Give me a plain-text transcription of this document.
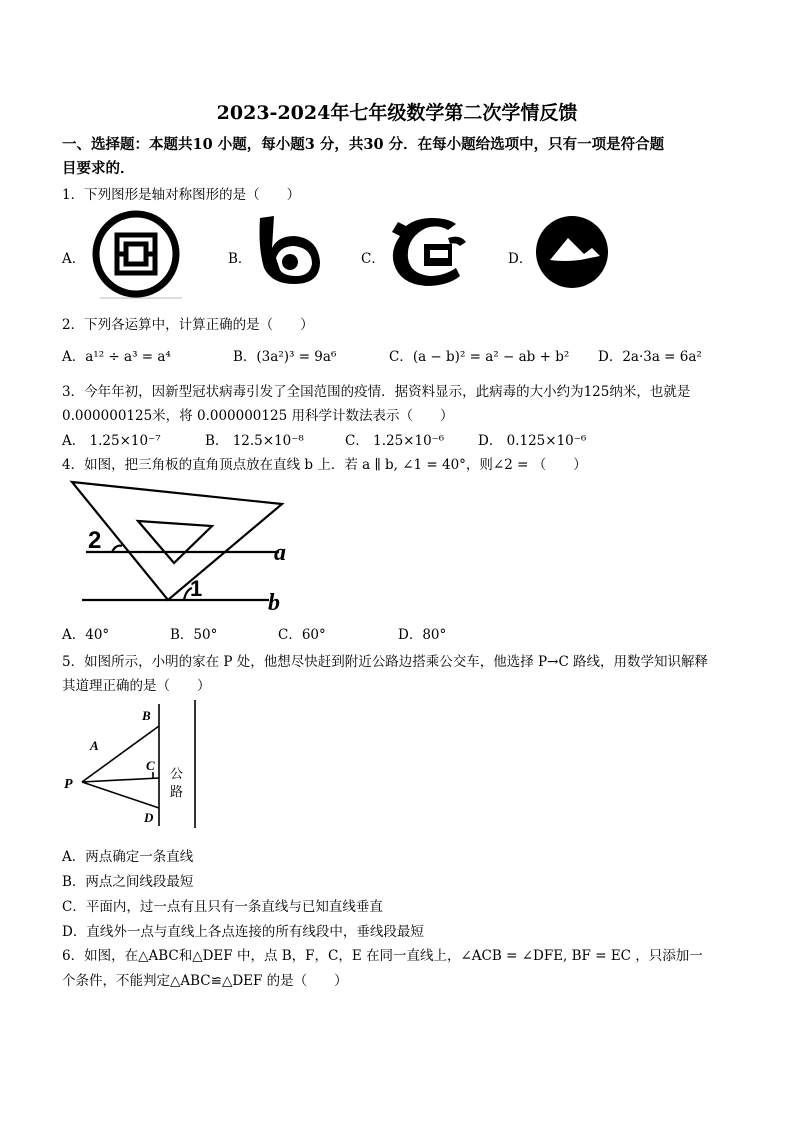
2023-2024年七年级数学第二次学情反馈
一、选择题：本题共10 小题，每小题3 分，共30 分．在每小题给选项中，只有一项是符合题
目要求的．
1．下列图形是轴对称图形的是（　　）
A．	B．	C．	D．
2．下列各运算中，计算正确的是（　　）
A．a¹² ÷ a³ = a⁴	B．(3a²)³ = 9a⁶	C．(a − b)² = a² − ab + b² D．2a·3a = 6a²
3．今年年初，因新型冠状病毒引发了全国范围的疫情．据资料显示，此病毒的大小约为125纳米，也就是
0.000000125米，将 0.000000125 用科学计数法表示（　　）
A． 1.25×10⁻⁷	B． 12.5×10⁻⁸	C． 1.25×10⁻⁶	D． 0.125×10⁻⁶
4．如图，把三角板的直角顶点放在直线 b 上．若 a ∥ b, ∠1 = 40°，则∠2 = （　　）
2
1
a
b
A．40°	B．50°	C．60°	D．80°
5．如图所示，小明的家在 P 处，他想尽快赶到附近公路边搭乘公交车，他选择 P→C 路线，用数学知识解释
其道理正确的是（　　）
P
A
B
C
D
公
路
A．两点确定一条直线
B．两点之间线段最短
C．平面内，过一点有且只有一条直线与已知直线垂直
D．直线外一点与直线上各点连接的所有线段中，垂线段最短
6．如图，在△ABC和△DEF 中，点 B，F，C，E 在同一直线上，∠ACB = ∠DFE, BF = EC ，只添加一
个条件，不能判定△ABC≌△DEF 的是（　　）
